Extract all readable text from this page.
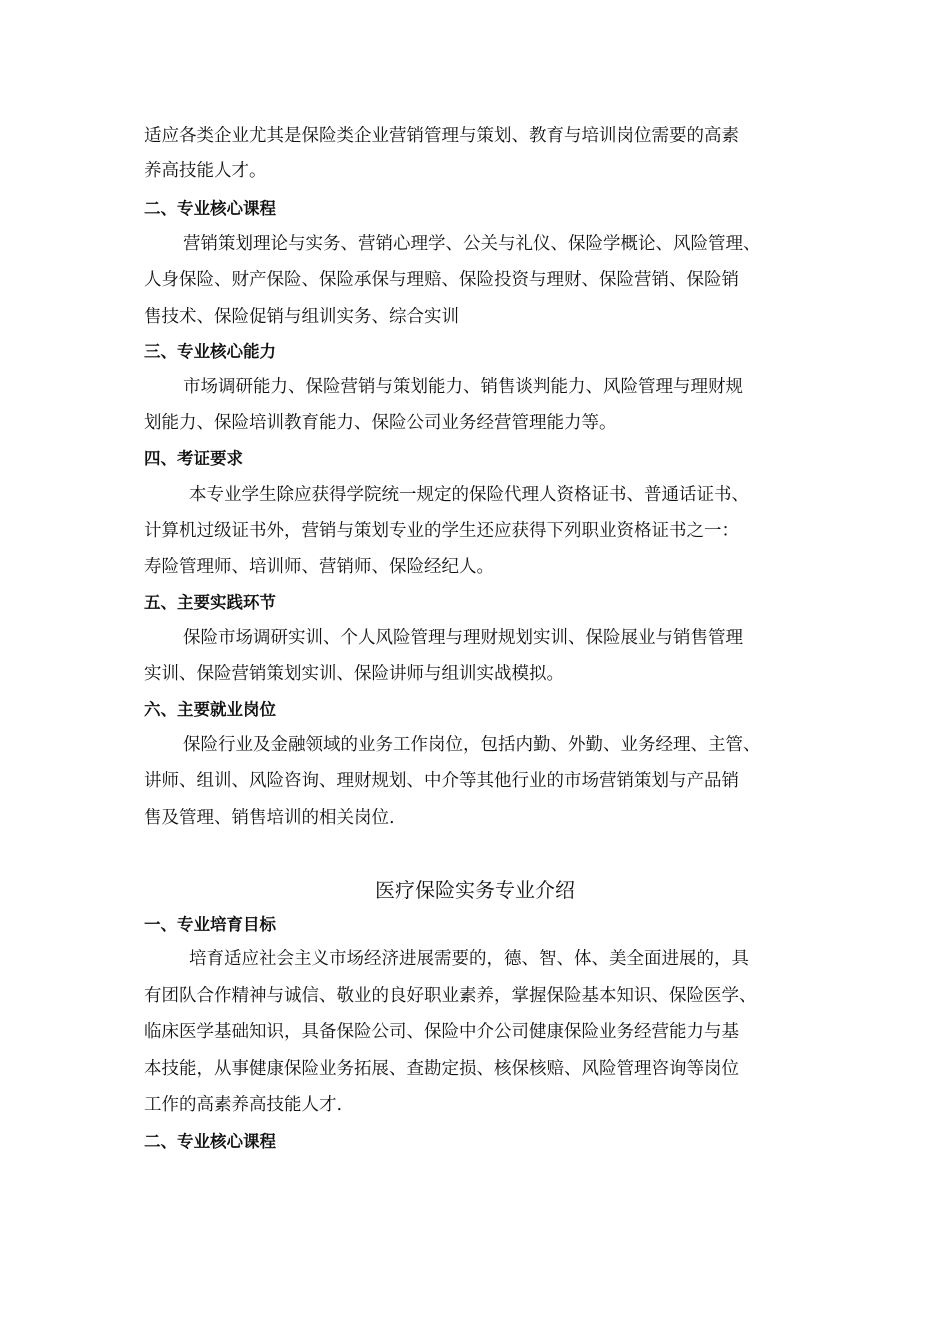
适应各类企业尤其是保险类企业营销管理与策划、教育与培训岗位需要的高素
养高技能人才。
二、专业核心课程
营销策划理论与实务、营销心理学、公关与礼仪、保险学概论、风险管理、
人身保险、财产保险、保险承保与理赔、保险投资与理财、保险营销、保险销
售技术、保险促销与组训实务、综合实训
三、专业核心能力
市场调研能力、保险营销与策划能力、销售谈判能力、风险管理与理财规
划能力、保险培训教育能力、保险公司业务经营管理能力等。
四、考证要求
本专业学生除应获得学院统一规定的保险代理人资格证书、普通话证书、
计算机过级证书外，营销与策划专业的学生还应获得下列职业资格证书之一：
寿险管理师、培训师、营销师、保险经纪人。
五、主要实践环节
保险市场调研实训、个人风险管理与理财规划实训、保险展业与销售管理
实训、保险营销策划实训、保险讲师与组训实战模拟。
六、主要就业岗位
保险行业及金融领域的业务工作岗位，包括内勤、外勤、业务经理、主管、
讲师、组训、风险咨询、理财规划、中介等其他行业的市场营销策划与产品销
售及管理、销售培训的相关岗位.
医疗保险实务专业介绍
一、专业培育目标
培育适应社会主义市场经济进展需要的，德、智、体、美全面进展的，具
有团队合作精神与诚信、敬业的良好职业素养，掌握保险基本知识、保险医学、
临床医学基础知识，具备保险公司、保险中介公司健康保险业务经营能力与基
本技能，从事健康保险业务拓展、查勘定损、核保核赔、风险管理咨询等岗位
工作的高素养高技能人才.
二、专业核心课程
